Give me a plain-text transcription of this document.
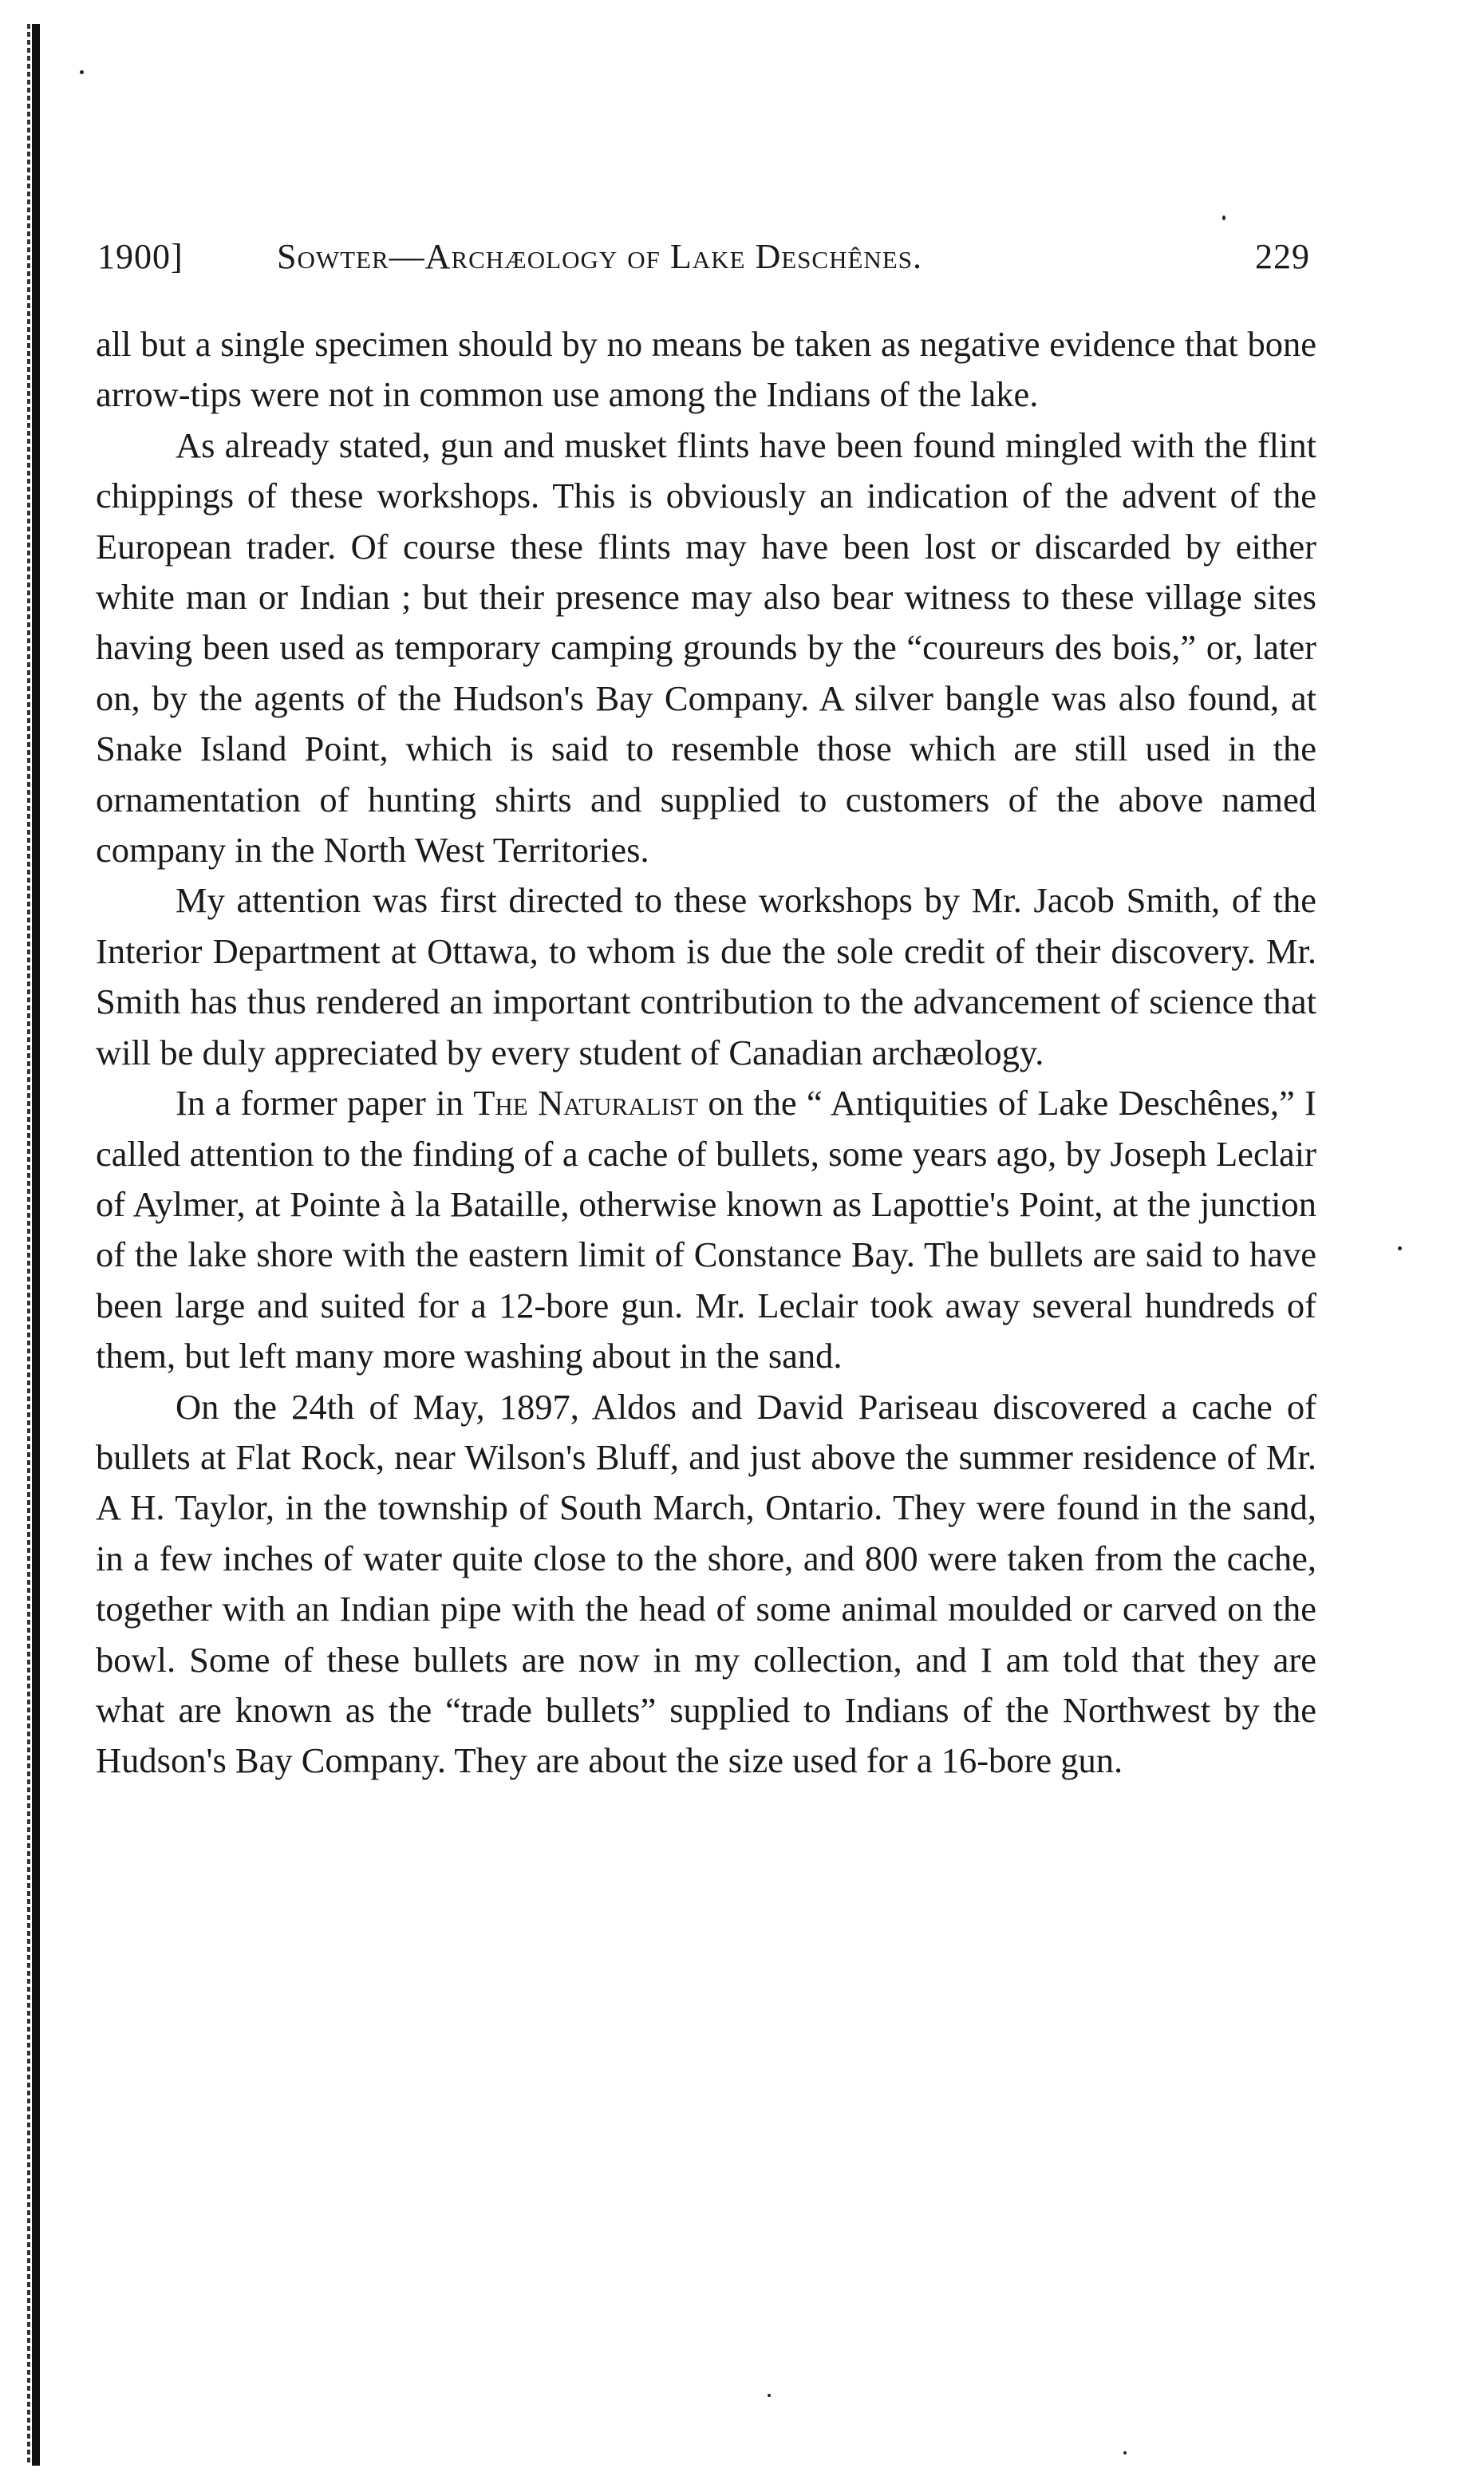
1900]	Sowter—Archæology of Lake Deschênes.	229

all but a single specimen should by no means be taken as negative evidence that bone arrow-tips were not in common use among the Indians of the lake.

As already stated, gun and musket flints have been found mingled with the flint chippings of these workshops. This is obviously an indication of the advent of the European trader. Of course these flints may have been lost or discarded by either white man or Indian ; but their presence may also bear witness to these village sites having been used as temporary camping grounds by the “coureurs des bois,” or, later on, by the agents of the Hudson's Bay Company. A silver bangle was also found, at Snake Island Point, which is said to resemble those which are still used in the ornamentation of hunting shirts and supplied to customers of the above named company in the North West Territories.

My attention was first directed to these workshops by Mr. Jacob Smith, of the Interior Department at Ottawa, to whom is due the sole credit of their discovery. Mr. Smith has thus rendered an important contribution to the advancement of science that will be duly appreciated by every student of Canadian archæology.

In a former paper in The Naturalist on the “ Antiquities of Lake Deschênes,” I called attention to the finding of a cache of bullets, some years ago, by Joseph Leclair of Aylmer, at Pointe à la Bataille, otherwise known as Lapottie's Point, at the junction of the lake shore with the eastern limit of Constance Bay. The bullets are said to have been large and suited for a 12-bore gun. Mr. Leclair took away several hundreds of them, but left many more washing about in the sand.

On the 24th of May, 1897, Aldos and David Pariseau discovered a cache of bullets at Flat Rock, near Wilson's Bluff, and just above the summer residence of Mr. A H. Taylor, in the township of South March, Ontario. They were found in the sand, in a few inches of water quite close to the shore, and 800 were taken from the cache, together with an Indian pipe with the head of some animal moulded or carved on the bowl. Some of these bullets are now in my collection, and I am told that they are what are known as the “trade bullets” supplied to Indians of the Northwest by the Hudson's Bay Company. They are about the size used for a 16-bore gun.
